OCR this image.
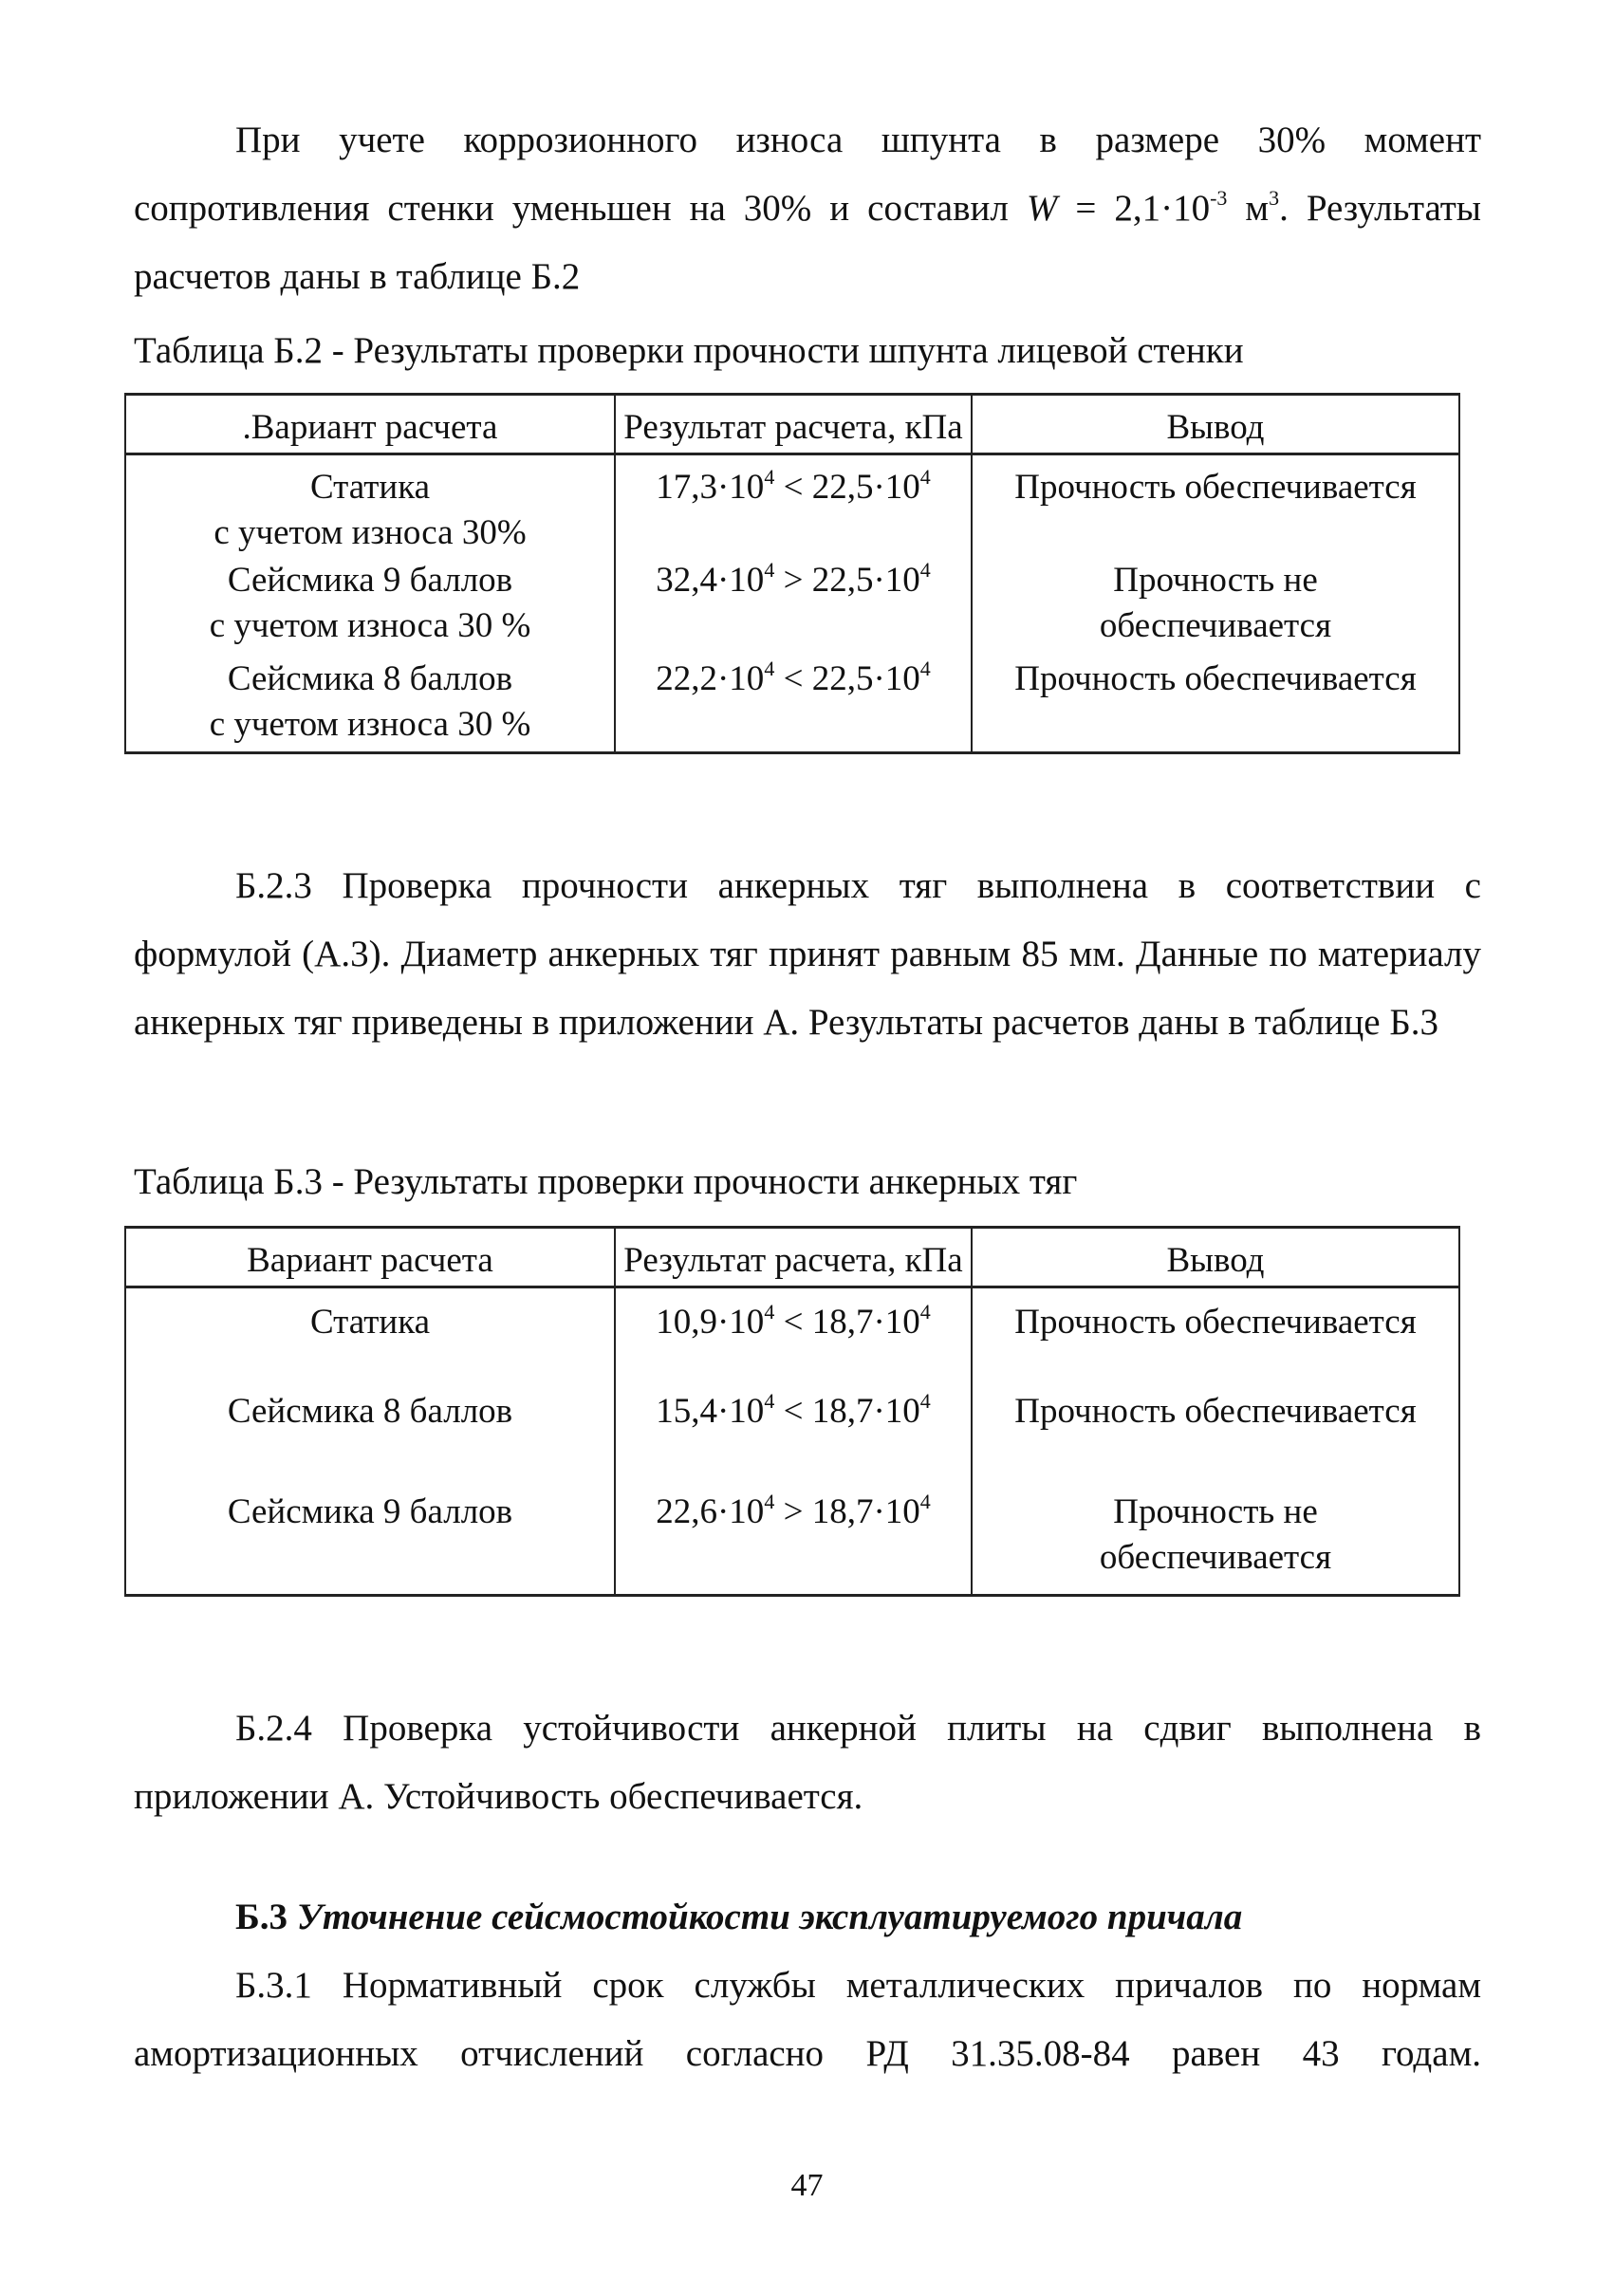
При учете коррозионного износа шпунта в размере 30% момент сопротивления стенки уменьшен на 30% и составил $W = 2,1\cdot 10^{-3}$ $м^3$. Результаты расчетов даны в таблице Б.2

Таблица Б.2 - Результаты проверки прочности шпунта лицевой стенки

.Вариант расчета	Результат расчета, кПа	Вывод
Статика
с учетом износа 30%	$17,3\cdot 10^4 < 22,5\cdot 10^4$	Прочность обеспечивается

Сейсмика 9 баллов
с учетом износа 30 %	$32,4\cdot 10^4 > 22,5\cdot 10^4$	Прочность не
обеспечивается
Сейсмика 8 баллов
с учетом износа 30 %	$22,2\cdot 10^4 < 22,5\cdot 10^4$	Прочность обеспечивается

Б.2.3 Проверка прочности анкерных тяг выполнена в соответствии с формулой (А.3). Диаметр анкерных тяг принят равным 85 мм. Данные по материалу анкерных тяг приведены в приложении А. Результаты расчетов даны в таблице Б.3

Таблица Б.3 - Результаты проверки прочности анкерных тяг

Вариант расчета	Результат расчета, кПа	Вывод
Статика	$10,9\cdot 10^4 < 18,7\cdot 10^4$	Прочность обеспечивается

Сейсмика 8 баллов	$15,4\cdot 10^4 < 18,7\cdot 10^4$	Прочность обеспечивается

Сейсмика 9 баллов	$22,6\cdot 10^4 > 18,7\cdot 10^4$	Прочность не
обеспечивается

Б.2.4 Проверка устойчивости анкерной плиты на сдвиг выполнена в приложении А. Устойчивость обеспечивается.

Б.3 Уточнение сейсмостойкости эксплуатируемого причала

Б.3.1 Нормативный срок службы металлических причалов по нормам амортизационных отчислений согласно РД 31.35.08-84 равен 43 годам.

47
